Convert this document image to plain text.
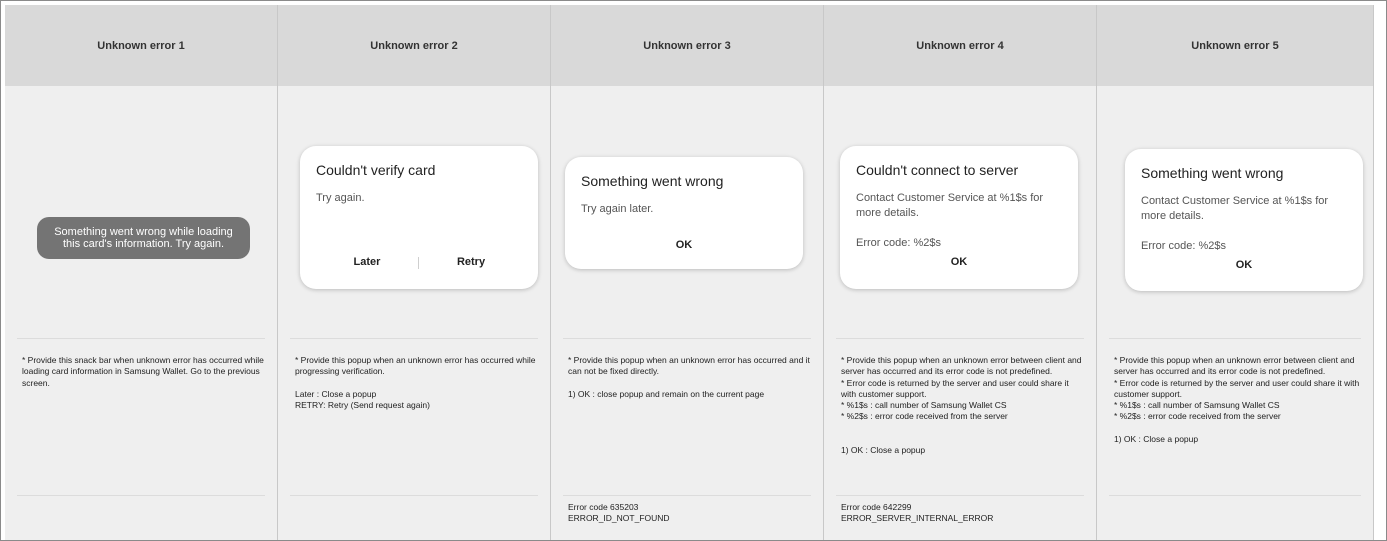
Unknown error 1
Something went wrong while loading this card's information. Try again.
* Provide this snack bar when unknown error has occurred while loading card information in Samsung Wallet. Go to the previous screen.
Unknown error 2
Couldn't verify card
Try again.
Later	Retry
* Provide this popup when an unknown error has occurred while progressing verification.

Later : Close a popup
RETRY: Retry (Send request again)
Unknown error 3
Something went wrong
Try again later.
OK
* Provide this popup when an unknown error has occurred and it can not be fixed directly.

1) OK : close popup and remain on the current page
Error code 635203
ERROR_ID_NOT_FOUND
Unknown error 4
Couldn't connect to server
Contact Customer Service at %1$s for more details.
Error code: %2$s
OK
* Provide this popup when an unknown error between client and server has occurred and its error code is not predefined.
* Error code is returned by the server and user could share it with customer support.
* %1$s : call number of Samsung Wallet CS
* %2$s : error code received from the server

1) OK : Close a popup
Error code 642299
ERROR_SERVER_INTERNAL_ERROR
Unknown error 5
Something went wrong
Contact Customer Service at %1$s for more details.
Error code: %2$s
OK
* Provide this popup when an unknown error between client and server has occurred and its error code is not predefined.
* Error code is returned by the server and user could share it with customer support.
* %1$s : call number of Samsung Wallet CS
* %2$s : error code received from the server

1) OK : Close a popup
